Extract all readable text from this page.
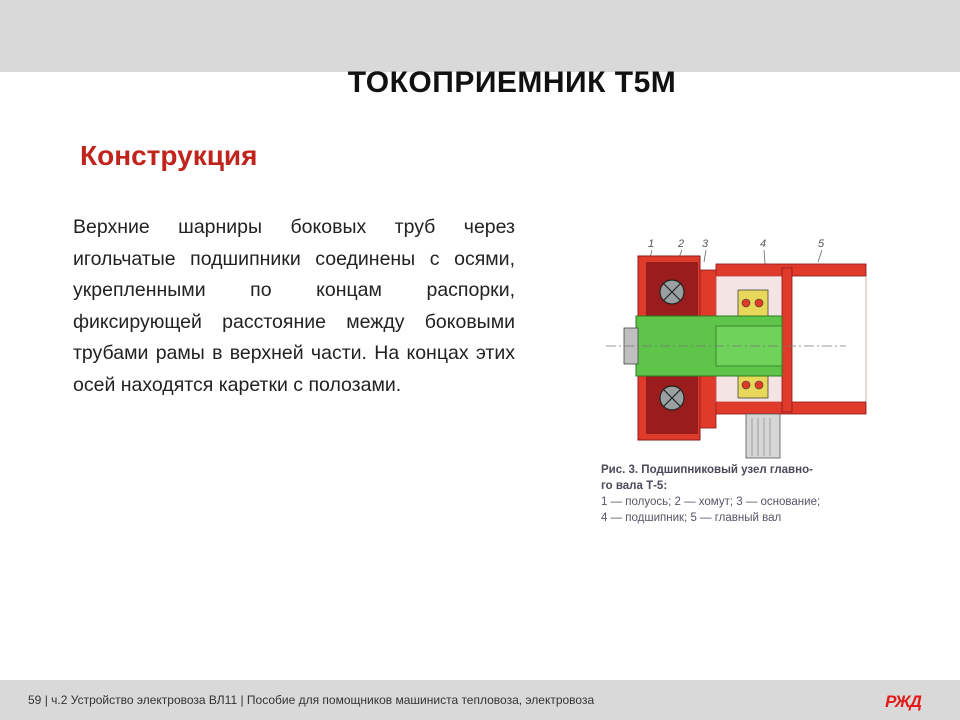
ТОКОПРИЕМНИК Т5М
Конструкция
Верхние шарниры боковых труб через игольчатые подшипники соединены с осями, укрепленными по концам распорки, фиксирующей расстояние между боковыми трубами рамы в верхней части. На концах этих осей находятся каретки с полозами.
1 2 3	4	5
Рис. 3. Подшипниковый узел главно-
го вала Т-5:
1 — полуось; 2 — хомут; 3 — основание;
4 — подшипник; 5 — главный вал
59 | ч.2 Устройство электровоза ВЛ11 | Пособие для помощников машиниста тепловоза, электровоза	РЖД
